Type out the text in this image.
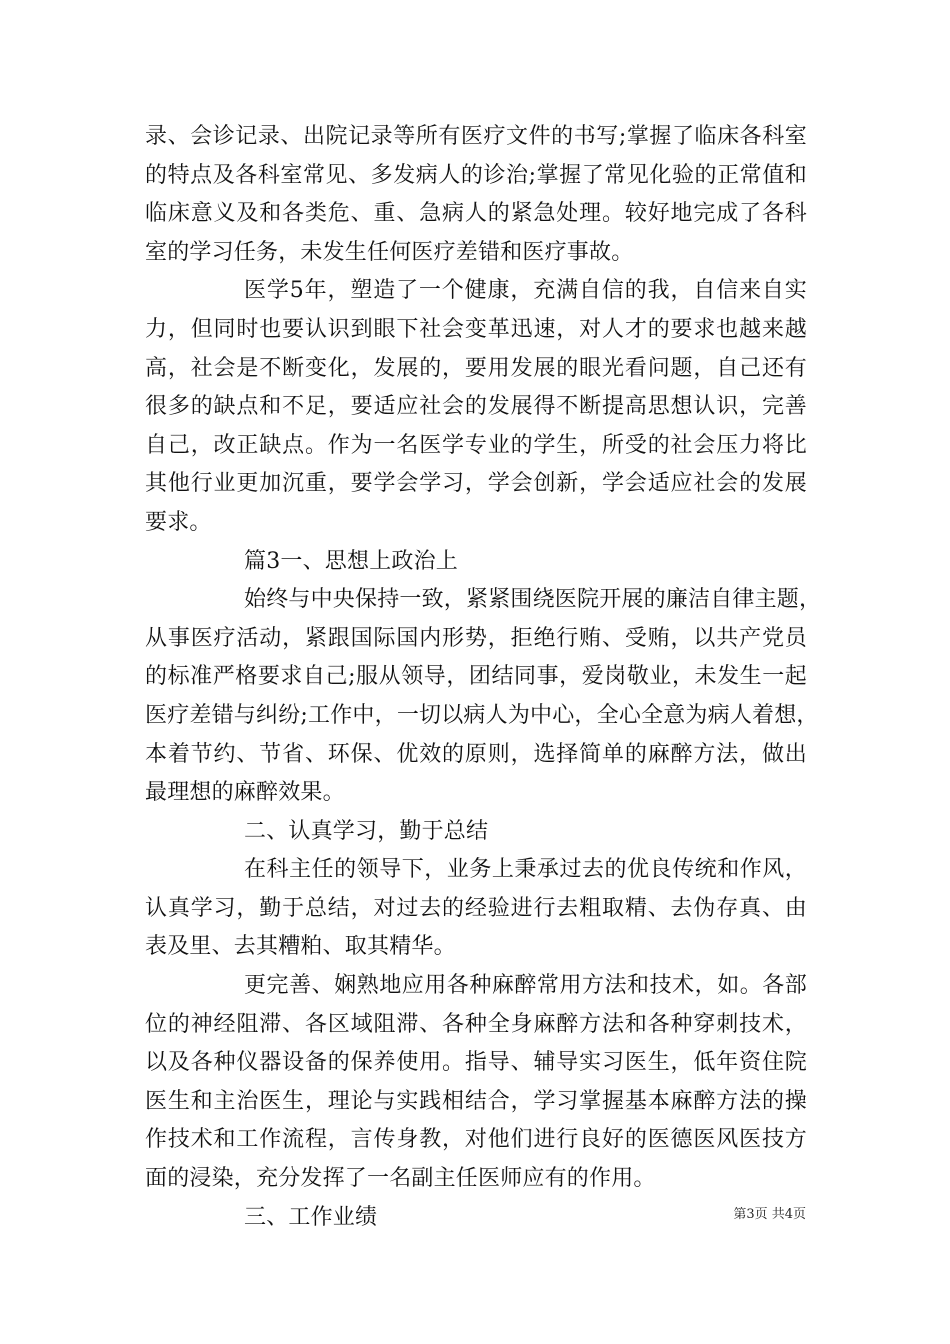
录、会诊记录、出院记录等所有医疗文件的书写;掌握了临床各科室
的特点及各科室常见、多发病人的诊治;掌握了常见化验的正常值和
临床意义及和各类危、重、急病人的紧急处理。较好地完成了各科
室的学习任务，未发生任何医疗差错和医疗事故。
医学5年，塑造了一个健康，充满自信的我，自信来自实
力，但同时也要认识到眼下社会变革迅速，对人才的要求也越来越
高，社会是不断变化，发展的，要用发展的眼光看问题，自己还有
很多的缺点和不足，要适应社会的发展得不断提高思想认识，完善
自己，改正缺点。作为一名医学专业的学生，所受的社会压力将比
其他行业更加沉重，要学会学习，学会创新，学会适应社会的发展
要求。
篇3一、思想上政治上
始终与中央保持一致，紧紧围绕医院开展的廉洁自律主题，
从事医疗活动，紧跟国际国内形势，拒绝行贿、受贿，以共产党员
的标准严格要求自己;服从领导，团结同事，爱岗敬业，未发生一起
医疗差错与纠纷;工作中，一切以病人为中心，全心全意为病人着想，
本着节约、节省、环保、优效的原则，选择简单的麻醉方法，做出
最理想的麻醉效果。
二、认真学习，勤于总结
在科主任的领导下，业务上秉承过去的优良传统和作风，
认真学习，勤于总结，对过去的经验进行去粗取精、去伪存真、由
表及里、去其糟粕、取其精华。
更完善、娴熟地应用各种麻醉常用方法和技术，如。各部
位的神经阻滞、各区域阻滞、各种全身麻醉方法和各种穿刺技术，
以及各种仪器设备的保养使用。指导、辅导实习医生，低年资住院
医生和主治医生，理论与实践相结合，学习掌握基本麻醉方法的操
作技术和工作流程，言传身教，对他们进行良好的医德医风医技方
面的浸染，充分发挥了一名副主任医师应有的作用。
三、工作业绩	第3页 共4页
